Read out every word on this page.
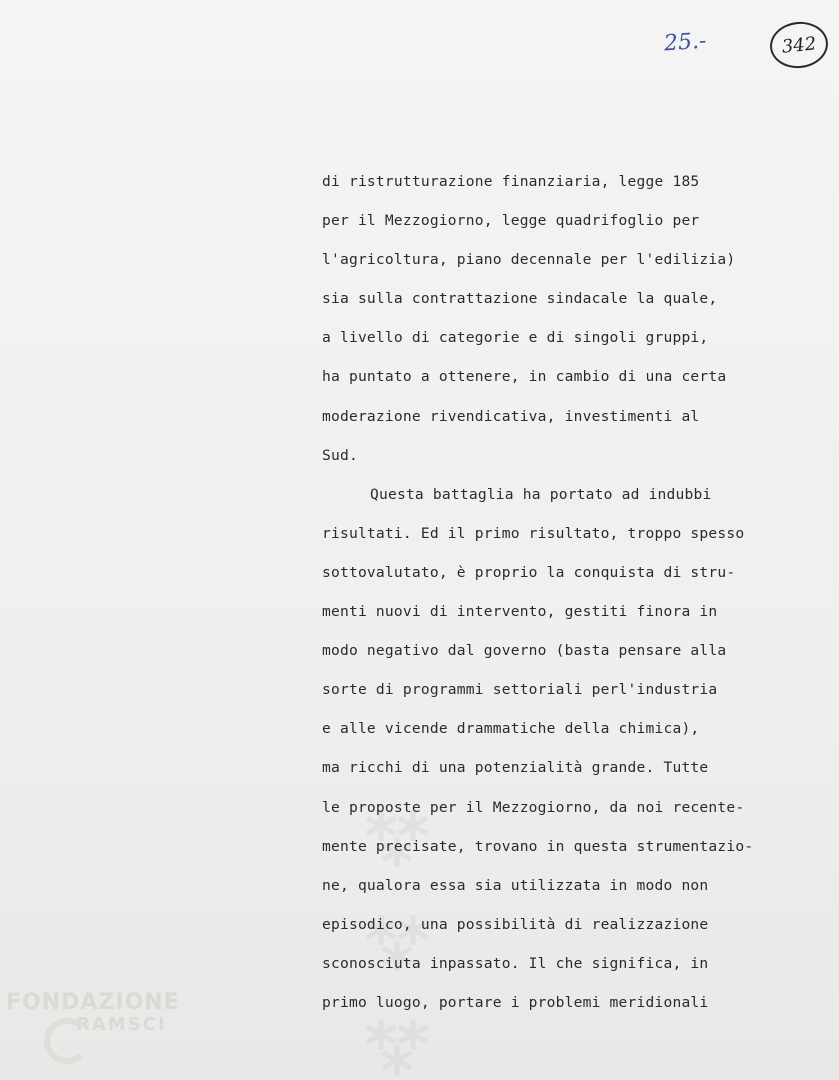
⁂ ⁂ ⁂
25.-	342
di ristrutturazione finanziaria, legge 185
per il Mezzogiorno, legge quadrifoglio per
l'agricoltura, piano decennale per l'edilizia)
sia sulla contrattazione sindacale la quale,
a livello di categorie e di singoli gruppi,
ha puntato a ottenere, in cambio di una certa
moderazione rivendicativa, investimenti al
Sud.
Questa battaglia ha portato ad indubbi
risultati. Ed il primo risultato, troppo spesso
sottovalutato, è proprio la conquista di stru-
menti nuovi di intervento, gestiti finora in
modo negativo dal governo (basta pensare alla
sorte di programmi settoriali perl'industria
e alle vicende drammatiche della chimica),
ma ricchi di una potenzialità grande. Tutte
le proposte per il Mezzogiorno, da noi recente-
mente precisate, trovano in questa strumentazio-
ne, qualora essa sia utilizzata in modo non
episodico, una possibilità di realizzazione
sconosciuta inpassato. Il che significa, in
primo luogo, portare i problemi meridionali
FONDAZIONE
RAMSCI
